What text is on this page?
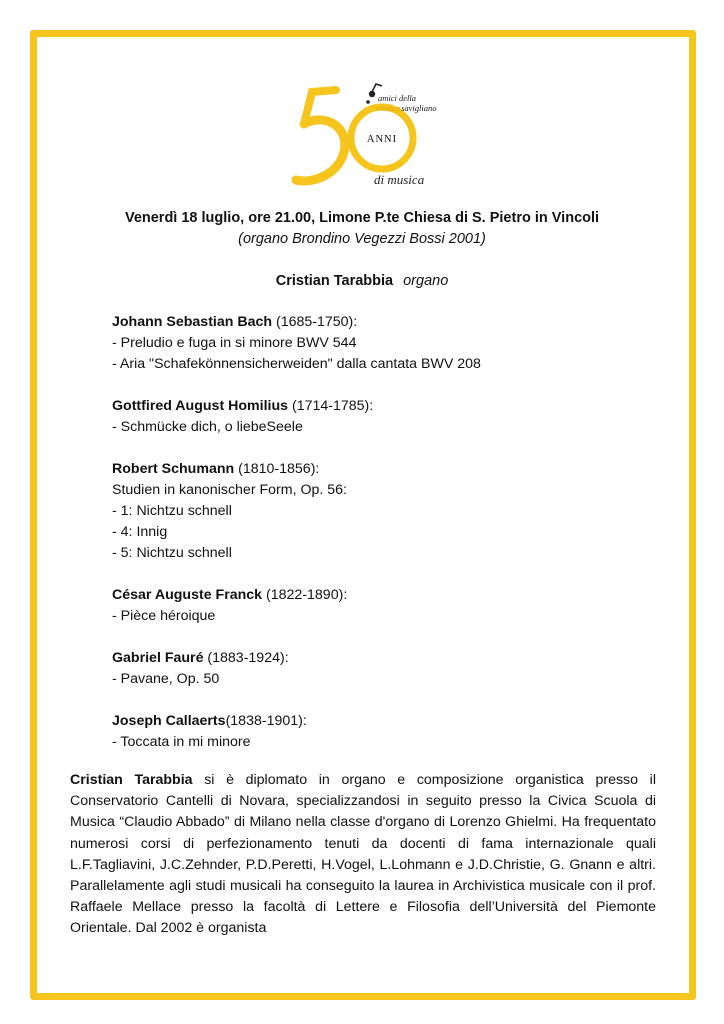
amici della
musicasavigliano
ANNI
di musica
Venerdì 18 luglio, ore 21.00, Limone P.te Chiesa di S. Pietro in Vincoli
(organo Brondino Vegezzi Bossi 2001)
Cristian Tarabbia organo
Johann Sebastian Bach (1685-1750):
- Preludio e fuga in si minore BWV 544
- Aria "Schafekönnensicherweiden" dalla cantata BWV 208
Gottfired August Homilius (1714-1785):
- Schmücke dich, o liebeSeele
Robert Schumann (1810-1856):
Studien in kanonischer Form, Op. 56:
- 1: Nichtzu schnell
- 4: Innig
- 5: Nichtzu schnell
César Auguste Franck (1822-1890):
- Pièce héroique
Gabriel Fauré (1883-1924):
- Pavane, Op. 50
Joseph Callaerts(1838-1901):
- Toccata in mi minore
Cristian Tarabbia si è diplomato in organo e composizione organistica presso il Conservatorio Cantelli di Novara, specializzandosi in seguito presso la Civica Scuola di Musica “Claudio Abbado” di Milano nella classe d'organo di Lorenzo Ghielmi. Ha frequentato numerosi corsi di perfezionamento tenuti da docenti di fama internazionale quali L.F.Tagliavini, J.C.Zehnder, P.D.Peretti, H.Vogel, L.Lohmann e J.D.Christie, G. Gnann e altri. Parallelamente agli studi musicali ha conseguito la laurea in Archivistica musicale con il prof. Raffaele Mellace presso la facoltà di Lettere e Filosofia dell’Università del Piemonte Orientale. Dal 2002 è organista
